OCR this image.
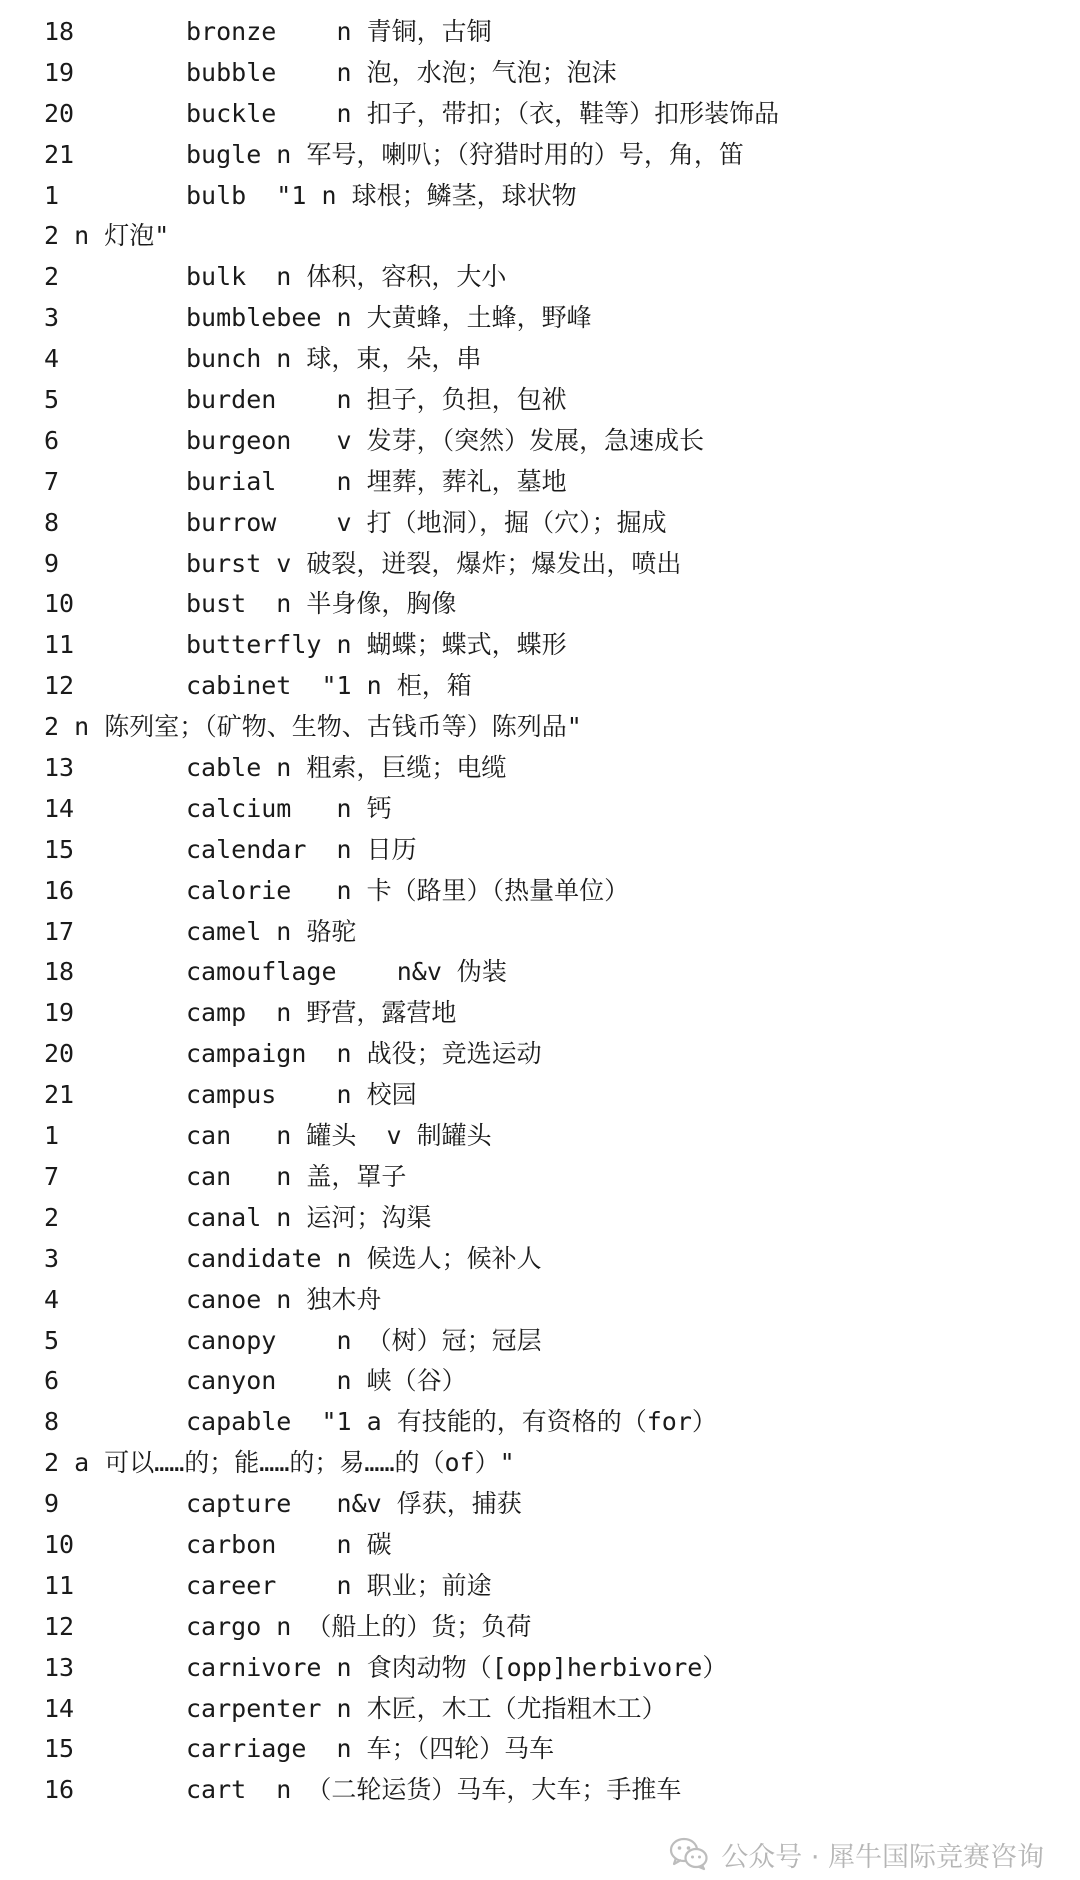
18	bronze    n 青铜，古铜
19	bubble    n 泡，水泡；气泡；泡沫
20	buckle    n 扣子，带扣；（衣，鞋等）扣形装饰品
21	bugle n 军号，喇叭；（狩猎时用的）号，角，笛
1	bulb  "1 n 球根；鳞茎，球状物
2 n 灯泡"
2	bulk  n 体积，容积，大小
3	bumblebee n 大黄蜂，土蜂，野峰
4	bunch n 球，束，朵，串
5	burden    n 担子，负担，包袱
6	burgeon   v 发芽，（突然）发展，急速成长
7	burial    n 埋葬，葬礼，墓地
8	burrow    v 打（地洞），掘（穴）；掘成
9	burst v 破裂，迸裂，爆炸；爆发出，喷出
10	bust  n 半身像，胸像
11	butterfly n 蝴蝶；蝶式，蝶形
12	cabinet  "1 n 柜，箱
2 n 陈列室；（矿物、生物、古钱币等）陈列品"
13	cable n 粗索，巨缆；电缆
14	calcium   n 钙
15	calendar  n 日历
16	calorie   n 卡（路里）（热量单位）
17	camel n 骆驼
18	camouflage    n&v 伪装
19	camp  n 野营，露营地
20	campaign  n 战役；竞选运动
21	campus    n 校园
1	can   n 罐头  v 制罐头
7	can   n 盖，罩子
2	canal n 运河；沟渠
3	candidate n 候选人；候补人
4	canoe n 独木舟
5	canopy    n （树）冠；冠层
6	canyon    n 峡（谷）
8	capable  "1 a 有技能的，有资格的（for）
2 a 可以……的；能……的；易……的（of）"
9	capture   n&v 俘获，捕获
10	carbon    n 碳
11	career    n 职业；前途
12	cargo n （船上的）货；负荷
13	carnivore n 食肉动物（[opp]herbivore）
14	carpenter n 木匠，木工（尤指粗木工）
15	carriage  n 车；（四轮）马车
16	cart  n （二轮运货）马车，大车；手推车
公众号 · 犀牛国际竞赛咨询
